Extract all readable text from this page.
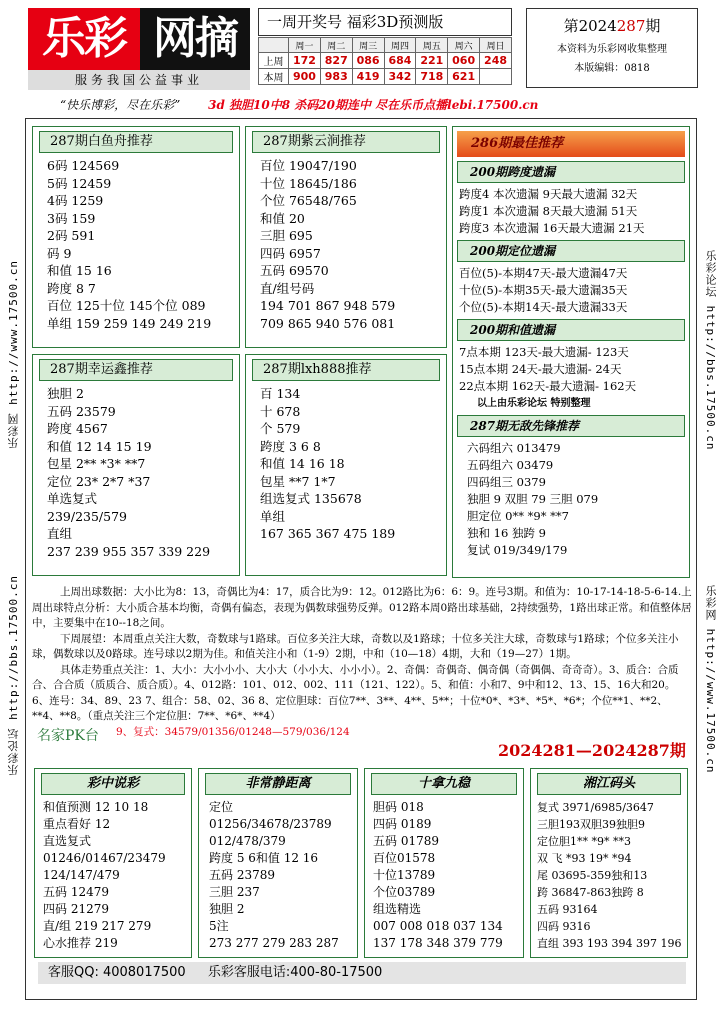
乐彩 网摘
服务我国公益事业
一周开奖号 福彩3D预测版
	周一	周二	周三	周四	周五	周六	周日
上周	172	827	086	684	221	060	248
本周	900	983	419	342	718	621	
第2024287期
本资料为乐彩网收集整理
本版编辑：0818
“快乐博彩，尽在乐彩” 3d 独胆10中8 杀码20期连中 尽在乐币点播lebi.17500.cn
乐彩网 http://www.17500.cn
乐彩论坛 http://bbs.17500.cn
乐彩论坛 http://bbs.17500.cn
乐彩网 http://www.17500.cn
287期白鱼舟推荐
6码 124569
5码 12459
4码 1259
3码 159
2码 591
码 9
和值 15 16
跨度 8 7
百位 125十位 145个位 089
单组 159 259 149 249 219
287期紫云涧推荐
百位 19047/190
十位 18645/186
个位 76548/765
和值 20
三胆 695
四码 6957
五码 69570
直/组号码
194 701 867 948 579
709 865 940 576 081
287期幸运鑫推荐
独胆 2
五码 23579
跨度 4567
和值 12 14 15 19
包星 2** *3* **7
定位 23* 2*7 *37
单选复式
239/235/579
直组
237 239 955 357 339 229
287期lxh888推荐
百 134
十 678
个 579
跨度 3 6 8
和值 14 16 18
包星 **7 1*7
组选复式 135678
单组
167 365 367 475 189
286期最佳推荐
200期跨度遗漏
跨度4 本次遗漏 9天最大遗漏 32天
跨度1 本次遗漏 8天最大遗漏 51天
跨度3 本次遗漏 16天最大遗漏 21天
200期定位遗漏
百位(5)-本期47天-最大遗漏47天
十位(5)-本期35天-最大遗漏35天
个位(5)-本期14天-最大遗漏33天
200期和值遗漏
7点本期 123天-最大遗漏- 123天
15点本期 24天-最大遗漏- 24天
22点本期 162天-最大遗漏- 162天
以上由乐彩论坛 特别整理
287期无敌先锋推荐
六码组六 013479
五码组六 03479
四码组三 0379
独胆 9 双胆 79 三胆 079
胆定位 0** *9* **7
独和 16 独跨 9
复试 019/349/179
上周出球数据：大小比为8：13，奇偶比为4：17，质合比为9：12。012路比为6：6：9。连号3期。和值为：10-17-14-18-5-6-14.上周出球特点分析：大小质合基本均衡，奇偶有偏态，表现为偶数球强势反弹。012路本周0路出球基础，2持续强势，1路出球正常。和值整体居中，主要集中在10--18之间。
下周展望：本周重点关注大数，奇数球与1路球。百位多关注大球，奇数以及1路球；十位多关注大球，奇数球与1路球；个位多关注小球，偶数球以及0路球。连号球以2期为佳。和值关注小和（1-9）2期，中和（10—18）4期，大和（19—27）1期。
具体走势重点关注：1、大小：大小小小、大小大（小小大、小小小）。2、奇偶：奇偶奇、偶奇偶（奇偶偶、奇奇奇）。3、质合：合质合、合合质（质质合、质合质）。4、012路：101、012、002、111（121、122）。5、和值：小和7、9中和12、13、15、16大和20。6、连号：34、89、23 7、组合：58、02、36 8、定位胆球：百位7**、3**、4**、5**；十位*0*、*3*、*5*、*6*；个位**1、**2、**4、**8。（重点关注三个定位胆：7**、*6*、**4）
9、复式：34579/01356/01248—579/036/124
名家PK台
2024281—2024287期
彩中说彩
和值预测 12 10 18
重点看好 12
直选复式
01246/01467/23479
124/147/479
五码 12479
四码 21279
直/组 219 217 279
心水推荐 219
非常静距离
定位
01256/34678/23789
012/478/379
跨度 5 6和值 12 16
五码 23789
三胆 237
独胆 2
5注
273 277 279 283 287
十拿九稳
胆码 018
四码 0189
五码 01789
百位01578
十位13789
个位03789
组选精选
007 008 018 037 134
137 178 348 379 779
湘江码头
复式 3971/6985/3647
三胆193双胆39独胆9
定位胆1** *9* **3
双 飞 *93 19* *94
尾 03695-359独和13
跨 36847-863独跨 8
五码 93164
四码 9316
直组 393 193 394 397 196
客服QQ: 4008017500 乐彩客服电话:400-80-17500
